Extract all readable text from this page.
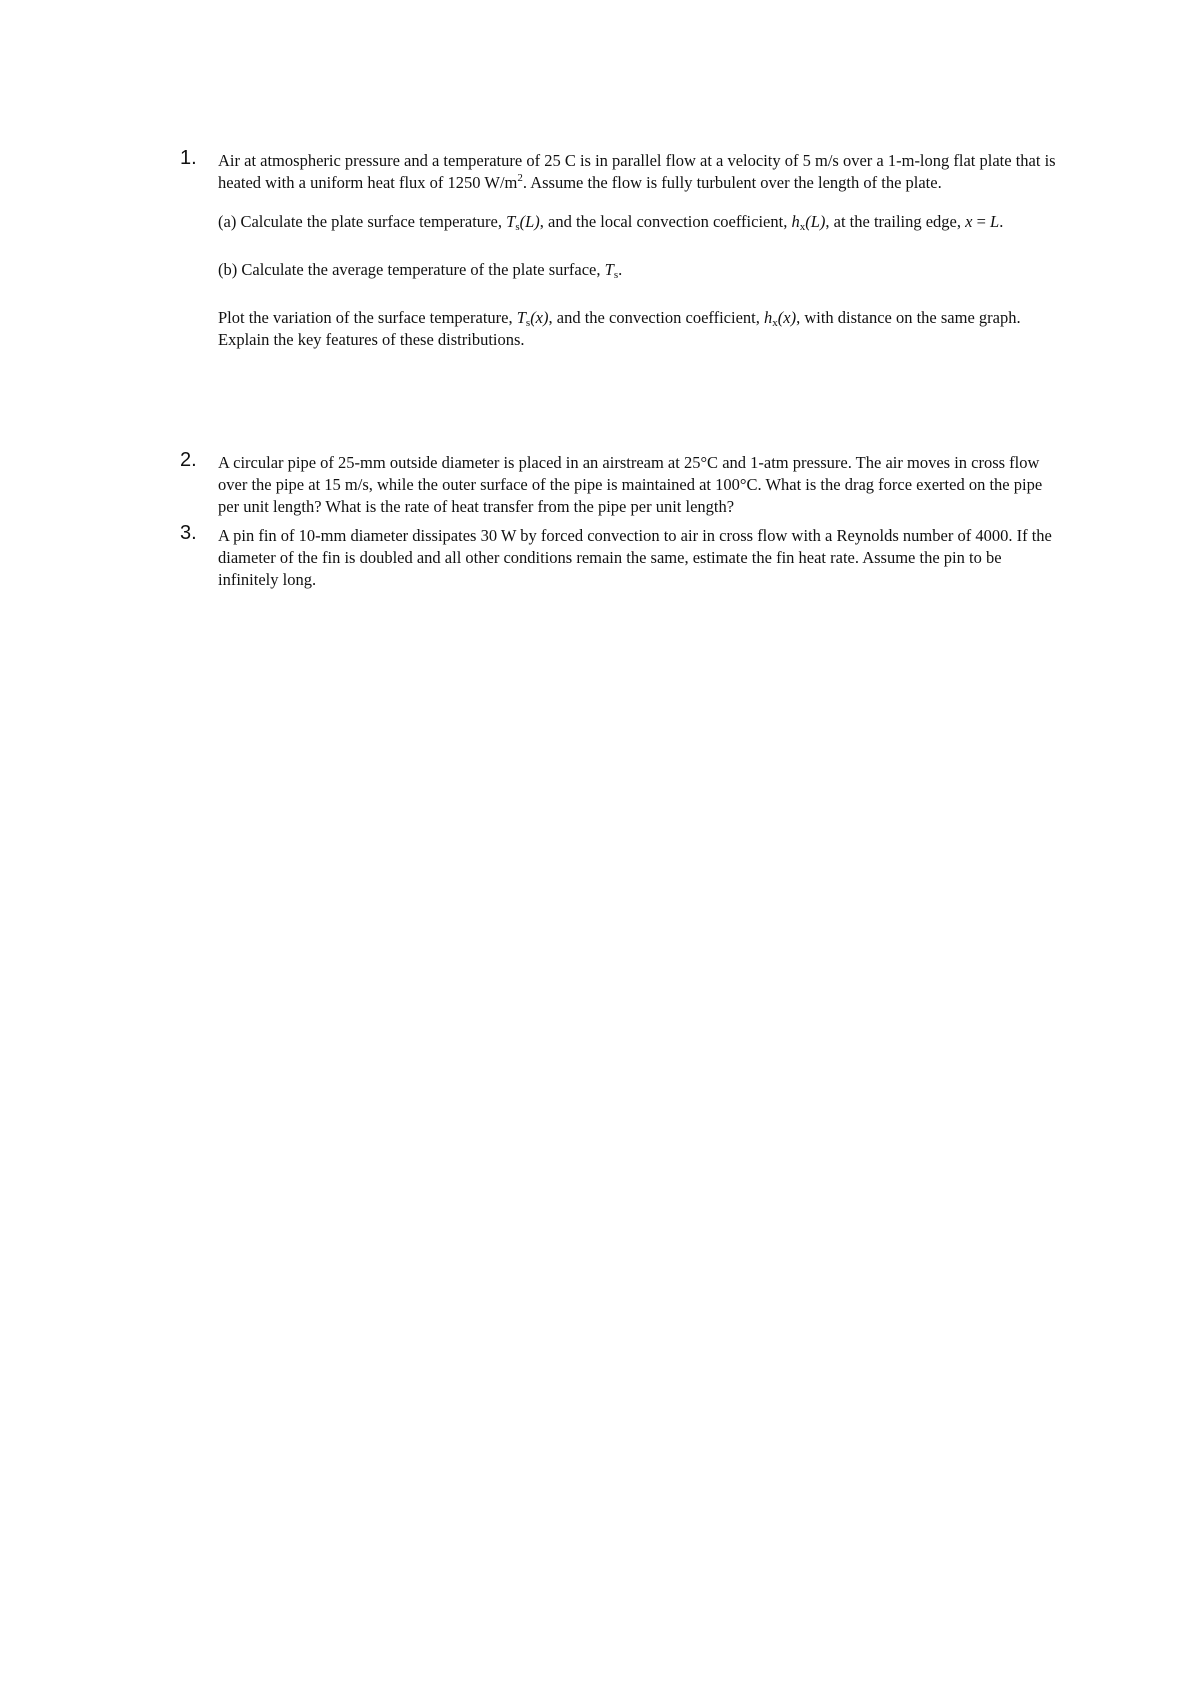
1. Air at atmospheric pressure and a temperature of 25 C is in parallel flow at a velocity of 5 m/s over a 1-m-long flat plate that is heated with a uniform heat flux of 1250 $W/m^2$. Assume the flow is fully turbulent over the length of the plate.

(a) Calculate the plate surface temperature, $T_s(L)$, and the local convection coefficient, $h_x(L)$, at the trailing edge, x = L.

(b) Calculate the average temperature of the plate surface, $T_s$.

Plot the variation of the surface temperature, $T_s(x)$, and the convection coefficient, $h_x(x)$, with distance on the same graph. Explain the key features of these distributions.

2. A circular pipe of 25-mm outside diameter is placed in an airstream at 25°C and 1-atm pressure. The air moves in cross flow over the pipe at 15 m/s, while the outer surface of the pipe is maintained at 100°C. What is the drag force exerted on the pipe per unit length? What is the rate of heat transfer from the pipe per unit length?

3. A pin fin of 10-mm diameter dissipates 30 W by forced convection to air in cross flow with a Reynolds number of 4000. If the diameter of the fin is doubled and all other conditions remain the same, estimate the fin heat rate. Assume the pin to be infinitely long.
